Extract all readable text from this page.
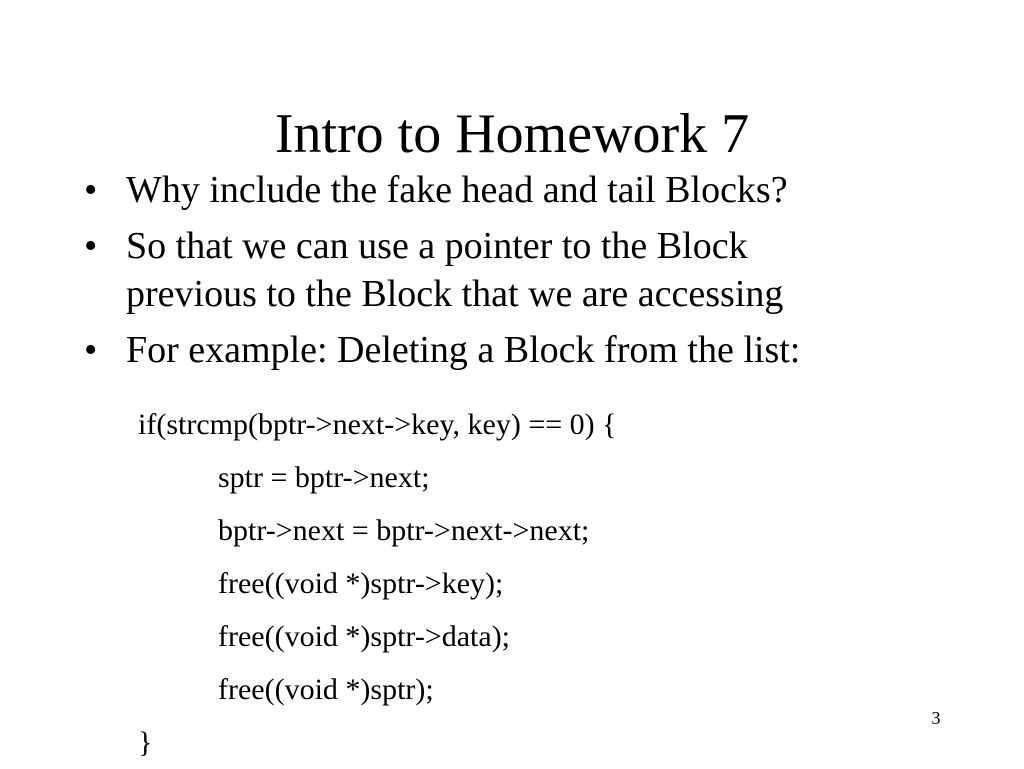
Intro to Homework 7
• Why include the fake head and tail Blocks?
• So that we can use a pointer to the Block
previous to the Block that we are accessing
• For example: Deleting a Block from the list:
if(strcmp(bptr->next->key, key) == 0) {
sptr = bptr->next;
bptr->next = bptr->next->next;
free((void *)sptr->key);
free((void *)sptr->data);
free((void *)sptr);
}
3
